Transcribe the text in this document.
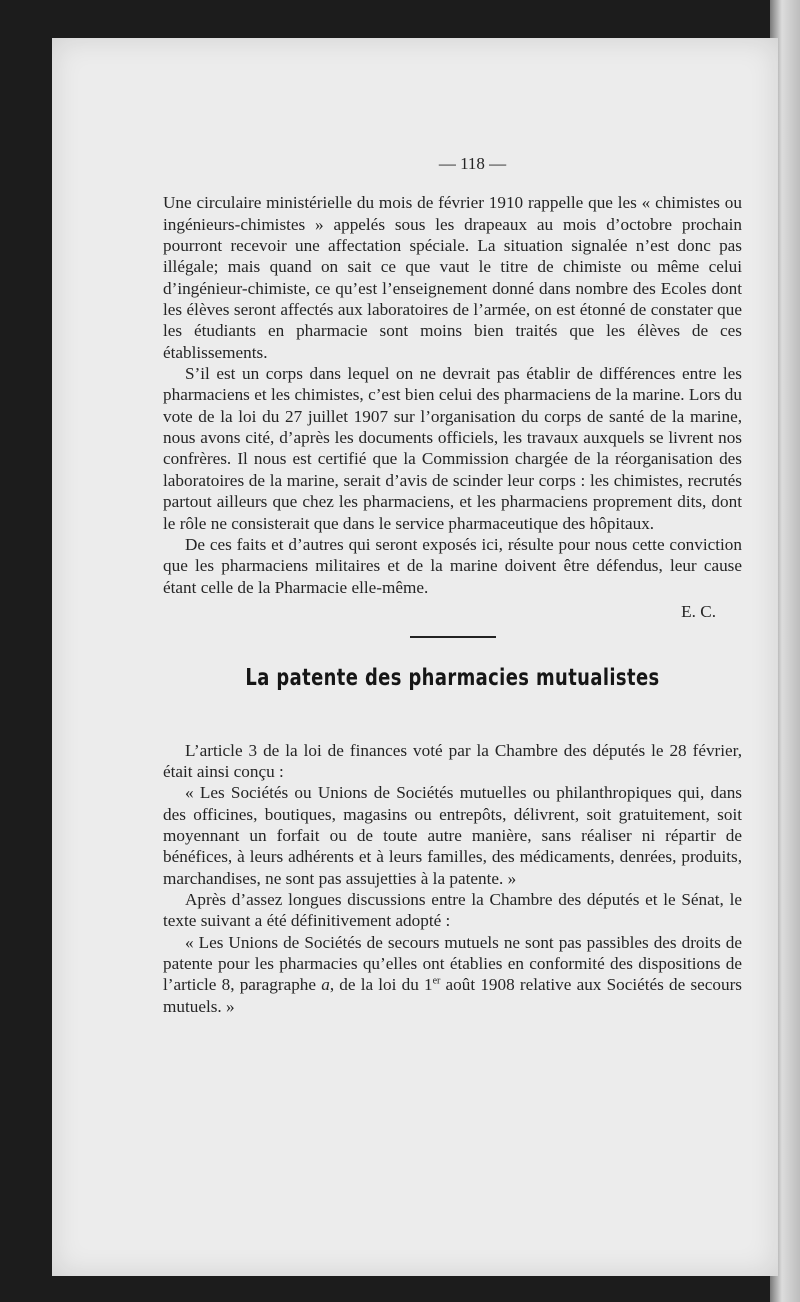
— 118 —

Une circulaire ministérielle du mois de février 1910 rappelle que les « chimistes ou ingénieurs-chimistes » appelés sous les drapeaux au mois d’octobre prochain pourront recevoir une affectation spéciale. La situation signalée n’est donc pas illégale; mais quand on sait ce que vaut le titre de chimiste ou même celui d’ingénieur-chimiste, ce qu’est l’enseignement donné dans nombre des Ecoles dont les élèves seront affectés aux laboratoires de l’armée, on est étonné de constater que les étudiants en pharmacie sont moins bien traités que les élèves de ces établissements.

S’il est un corps dans lequel on ne devrait pas établir de différences entre les pharmaciens et les chimistes, c’est bien celui des pharmaciens de la marine. Lors du vote de la loi du 27 juillet 1907 sur l’organisation du corps de santé de la marine, nous avons cité, d’après les documents officiels, les travaux auxquels se livrent nos confrères. Il nous est certifié que la Commission chargée de la réorganisation des laboratoires de la marine, serait d’avis de scinder leur corps : les chimistes, recrutés partout ailleurs que chez les pharmaciens, et les pharmaciens proprement dits, dont le rôle ne consisterait que dans le service pharmaceutique des hôpitaux.

De ces faits et d’autres qui seront exposés ici, résulte pour nous cette conviction que les pharmaciens militaires et de la marine doivent être défendus, leur cause étant celle de la Pharmacie elle-même.

E. C.
La patente des pharmacies mutualistes

L’article 3 de la loi de finances voté par la Chambre des députés le 28 février, était ainsi conçu :

« Les Sociétés ou Unions de Sociétés mutuelles ou philanthropiques qui, dans des officines, boutiques, magasins ou entrepôts, délivrent, soit gratuitement, soit moyennant un forfait ou de toute autre manière, sans réaliser ni répartir de bénéfices, à leurs adhérents et à leurs familles, des médicaments, denrées, produits, marchandises, ne sont pas assujetties à la patente. »

Après d’assez longues discussions entre la Chambre des députés et le Sénat, le texte suivant a été définitivement adopté :

« Les Unions de Sociétés de secours mutuels ne sont pas passibles des droits de patente pour les pharmacies qu’elles ont établies en conformité des dispositions de l’article 8, paragraphe a, de la loi du 1er août 1908 relative aux Sociétés de secours mutuels. »
